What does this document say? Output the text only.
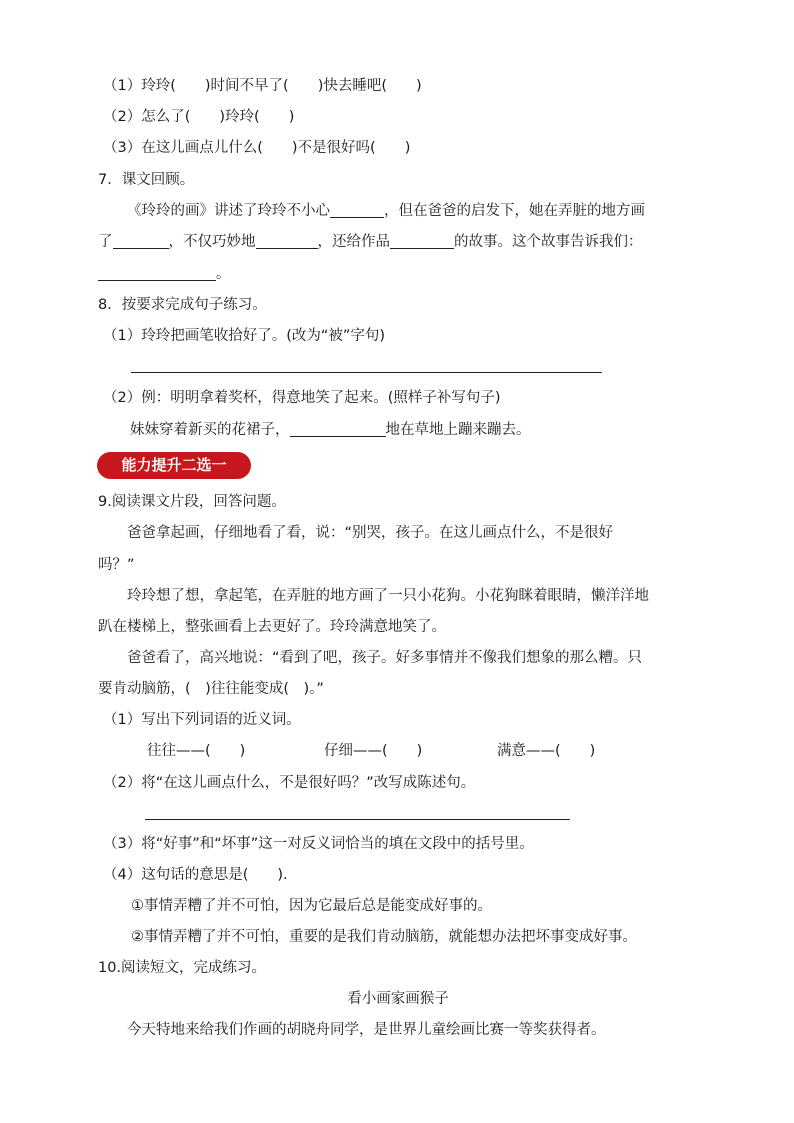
（1）玲玲(　　)时间不早了(　　)快去睡吧(　　)
（2）怎么了(　　)玲玲(　　)
（3）在这儿画点儿什么(　　)不是很好吗(　　)
7．课文回顾。
《玲玲的画》讲述了玲玲不小心	，但在爸爸的启发下，她在弄脏的地方画
了	，不仅巧妙地	，还给作品	的故事。这个故事告诉我们：
。
8．按要求完成句子练习。
（1）玲玲把画笔收拾好了。(改为“被”字句)
（2）例：明明拿着奖杯，得意地笑了起来。(照样子补写句子)
妹妹穿着新买的花裙子，	地在草地上蹦来蹦去。
能力提升二选一
9.阅读课文片段，回答问题。
爸爸拿起画，仔细地看了看，说：“别哭，孩子。在这儿画点什么，不是很好
吗？”
玲玲想了想，拿起笔，在弄脏的地方画了一只小花狗。小花狗眯着眼睛，懒洋洋地
趴在楼梯上，整张画看上去更好了。玲玲满意地笑了。
爸爸看了，高兴地说：“看到了吧，孩子。好多事情并不像我们想象的那么糟。只
要肯动脑筋，(　)往往能变成(　)。”
（1）写出下列词语的近义词。
往往——(　　)	仔细——(　　)	满意——(　　)
（2）将“在这儿画点什么，不是很好吗？”改写成陈述句。
（3）将“好事”和“坏事”这一对反义词恰当的填在文段中的括号里。
（4）这句话的意思是(　　).
①事情弄糟了并不可怕，因为它最后总是能变成好事的。
②事情弄糟了并不可怕，重要的是我们肯动脑筋，就能想办法把坏事变成好事。
10.阅读短文，完成练习。
看小画家画猴子
今天特地来给我们作画的胡晓舟同学，是世界儿童绘画比赛一等奖获得者。
